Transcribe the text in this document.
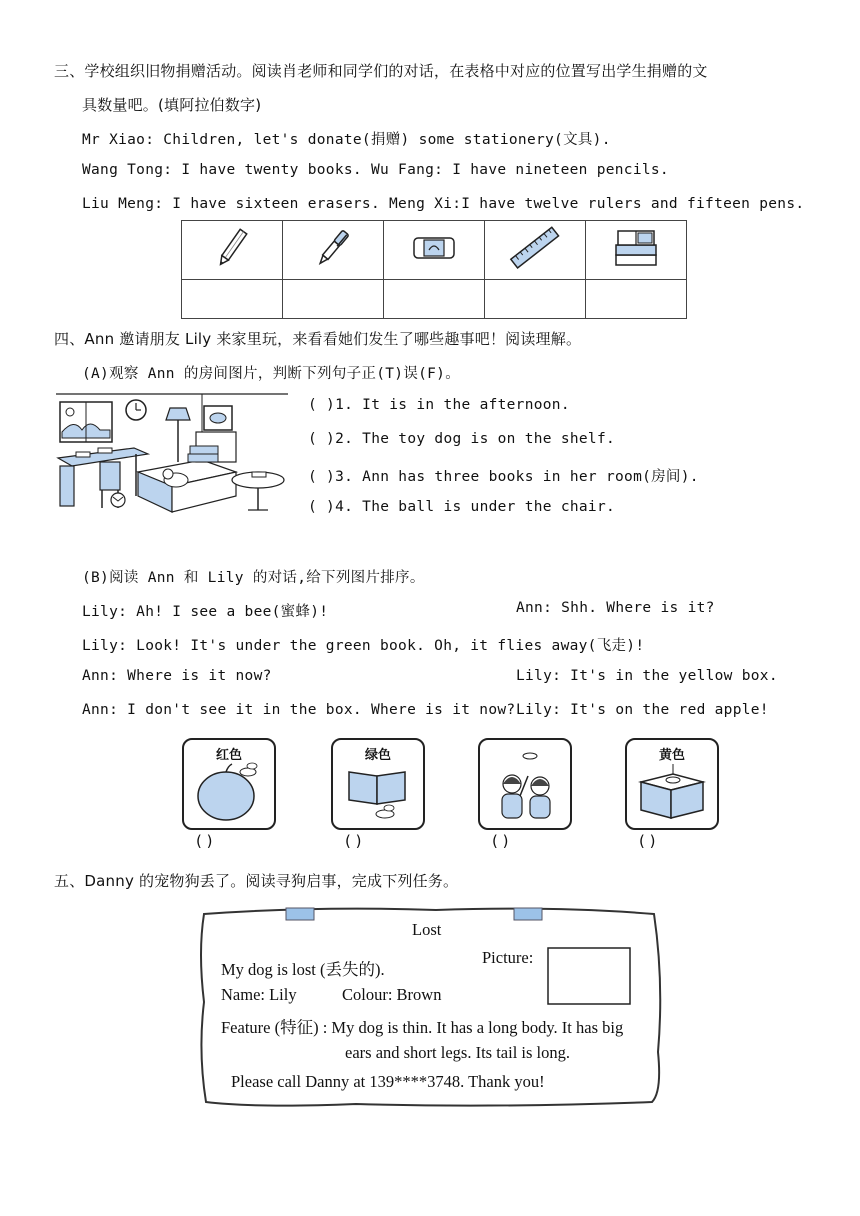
三、学校组织旧物捐赠活动。阅读肖老师和同学们的对话，在表格中对应的位置写出学生捐赠的文
具数量吧。(填阿拉伯数字)
Mr Xiao: Children, let's donate(捐赠) some stationery(文具).
Wang Tong: I have twenty books. Wu Fang: I have nineteen pencils.
Liu Meng: I have sixteen erasers. Meng Xi:I have twelve rulers and fifteen pens.

四、Ann 邀请朋友 Lily 来家里玩，来看看她们发生了哪些趣事吧！阅读理解。
(A)观察 Ann 的房间图片，判断下列句子正(T)误(F)。
( )1. It is in the afternoon.
( )2. The toy dog is on the shelf.
( )3. Ann has three books in her room(房间).
( )4. The ball is under the chair.
(B)阅读 Ann 和 Lily 的对话,给下列图片排序。
Lily: Ah! I see a bee(蜜蜂)!	Ann: Shh. Where is it?
Lily: Look! It's under the green book. Oh, it flies away(飞走)!
Ann: Where is it now?	Lily: It's in the yellow box.
Ann: I don't see it in the box. Where is it now? Lily: It's on the red apple!
红色	绿色	黄色
( )	( )	( )	( )
五、Danny 的宠物狗丢了。阅读寻狗启事，完成下列任务。
Lost
My dog is lost (丢失的).
Picture:
Name: Lily	Colour: Brown
Feature (特征) : My dog is thin. It has a long body. It has big
ears and short legs. Its tail is long.
Please call Danny at 139****3748. Thank you!
